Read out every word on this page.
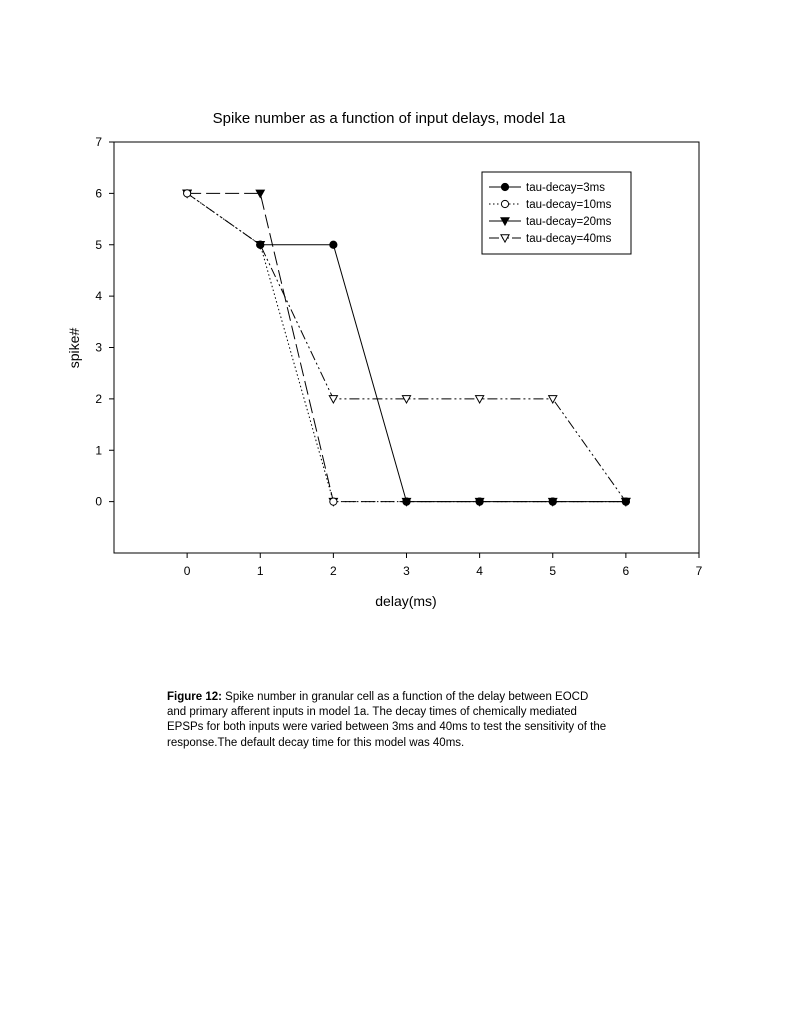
Spike number as a function of input delays, model 1a
0	1	2	3	4	5	6	7
0
1
2
3
4
5
6
7
delay(ms)
spike#
tau-decay=3ms
tau-decay=10ms
tau-decay=20ms
tau-decay=40ms
Figure 12: Spike number in granular cell as a function of the delay between EOCD and primary afferent inputs in model 1a. The decay times of chemically mediated EPSPs for both inputs were varied between 3ms and 40ms to test the sensitivity of the response.The default decay time for this model was 40ms.
